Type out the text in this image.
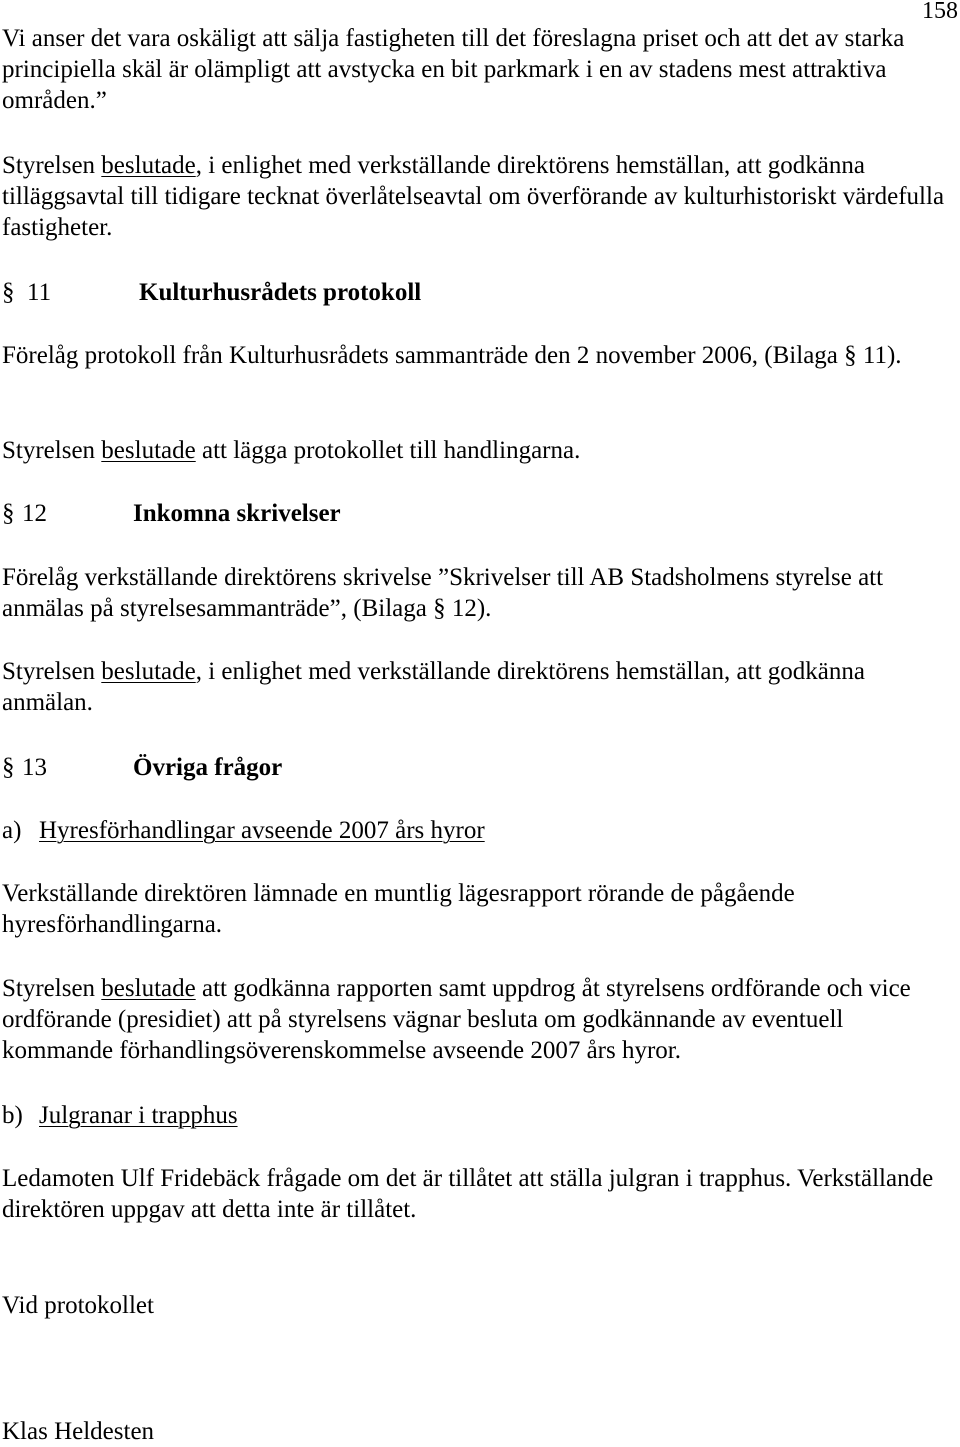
158

Vi anser det vara oskäligt att sälja fastigheten till det föreslagna priset och att det av starka principiella skäl är olämpligt att avstycka en bit parkmark i en av stadens mest attraktiva områden.”

Styrelsen beslutade, i enlighet med verkställande direktörens hemställan, att godkänna tilläggsavtal till tidigare tecknat överlåtelseavtal om överförande av kulturhistoriskt värdefulla fastigheter.

§ 11	Kulturhusrådets protokoll

Förelåg protokoll från Kulturhusrådets sammanträde den 2 november 2006, (Bilaga § 11).

Styrelsen beslutade att lägga protokollet till handlingarna.

§ 12	Inkomna skrivelser

Förelåg verkställande direktörens skrivelse ”Skrivelser till AB Stadsholmens styrelse att anmälas på styrelsesammanträde”, (Bilaga § 12).

Styrelsen beslutade, i enlighet med verkställande direktörens hemställan, att godkänna anmälan.

§ 13	Övriga frågor
a) Hyresförhandlingar avseende 2007 års hyror

Verkställande direktören lämnade en muntlig lägesrapport rörande de pågående hyresförhandlingarna.

Styrelsen beslutade att godkänna rapporten samt uppdrog åt styrelsens ordförande och vice ordförande (presidiet) att på styrelsens vägnar besluta om godkännande av eventuell kommande förhandlingsöverenskommelse avseende 2007 års hyror.

b) Julgranar i trapphus

Ledamoten Ulf Fridebäck frågade om det är tillåtet att ställa julgran i trapphus. Verkställande direktören uppgav att detta inte är tillåtet.

Vid protokollet

Klas Heldesten
